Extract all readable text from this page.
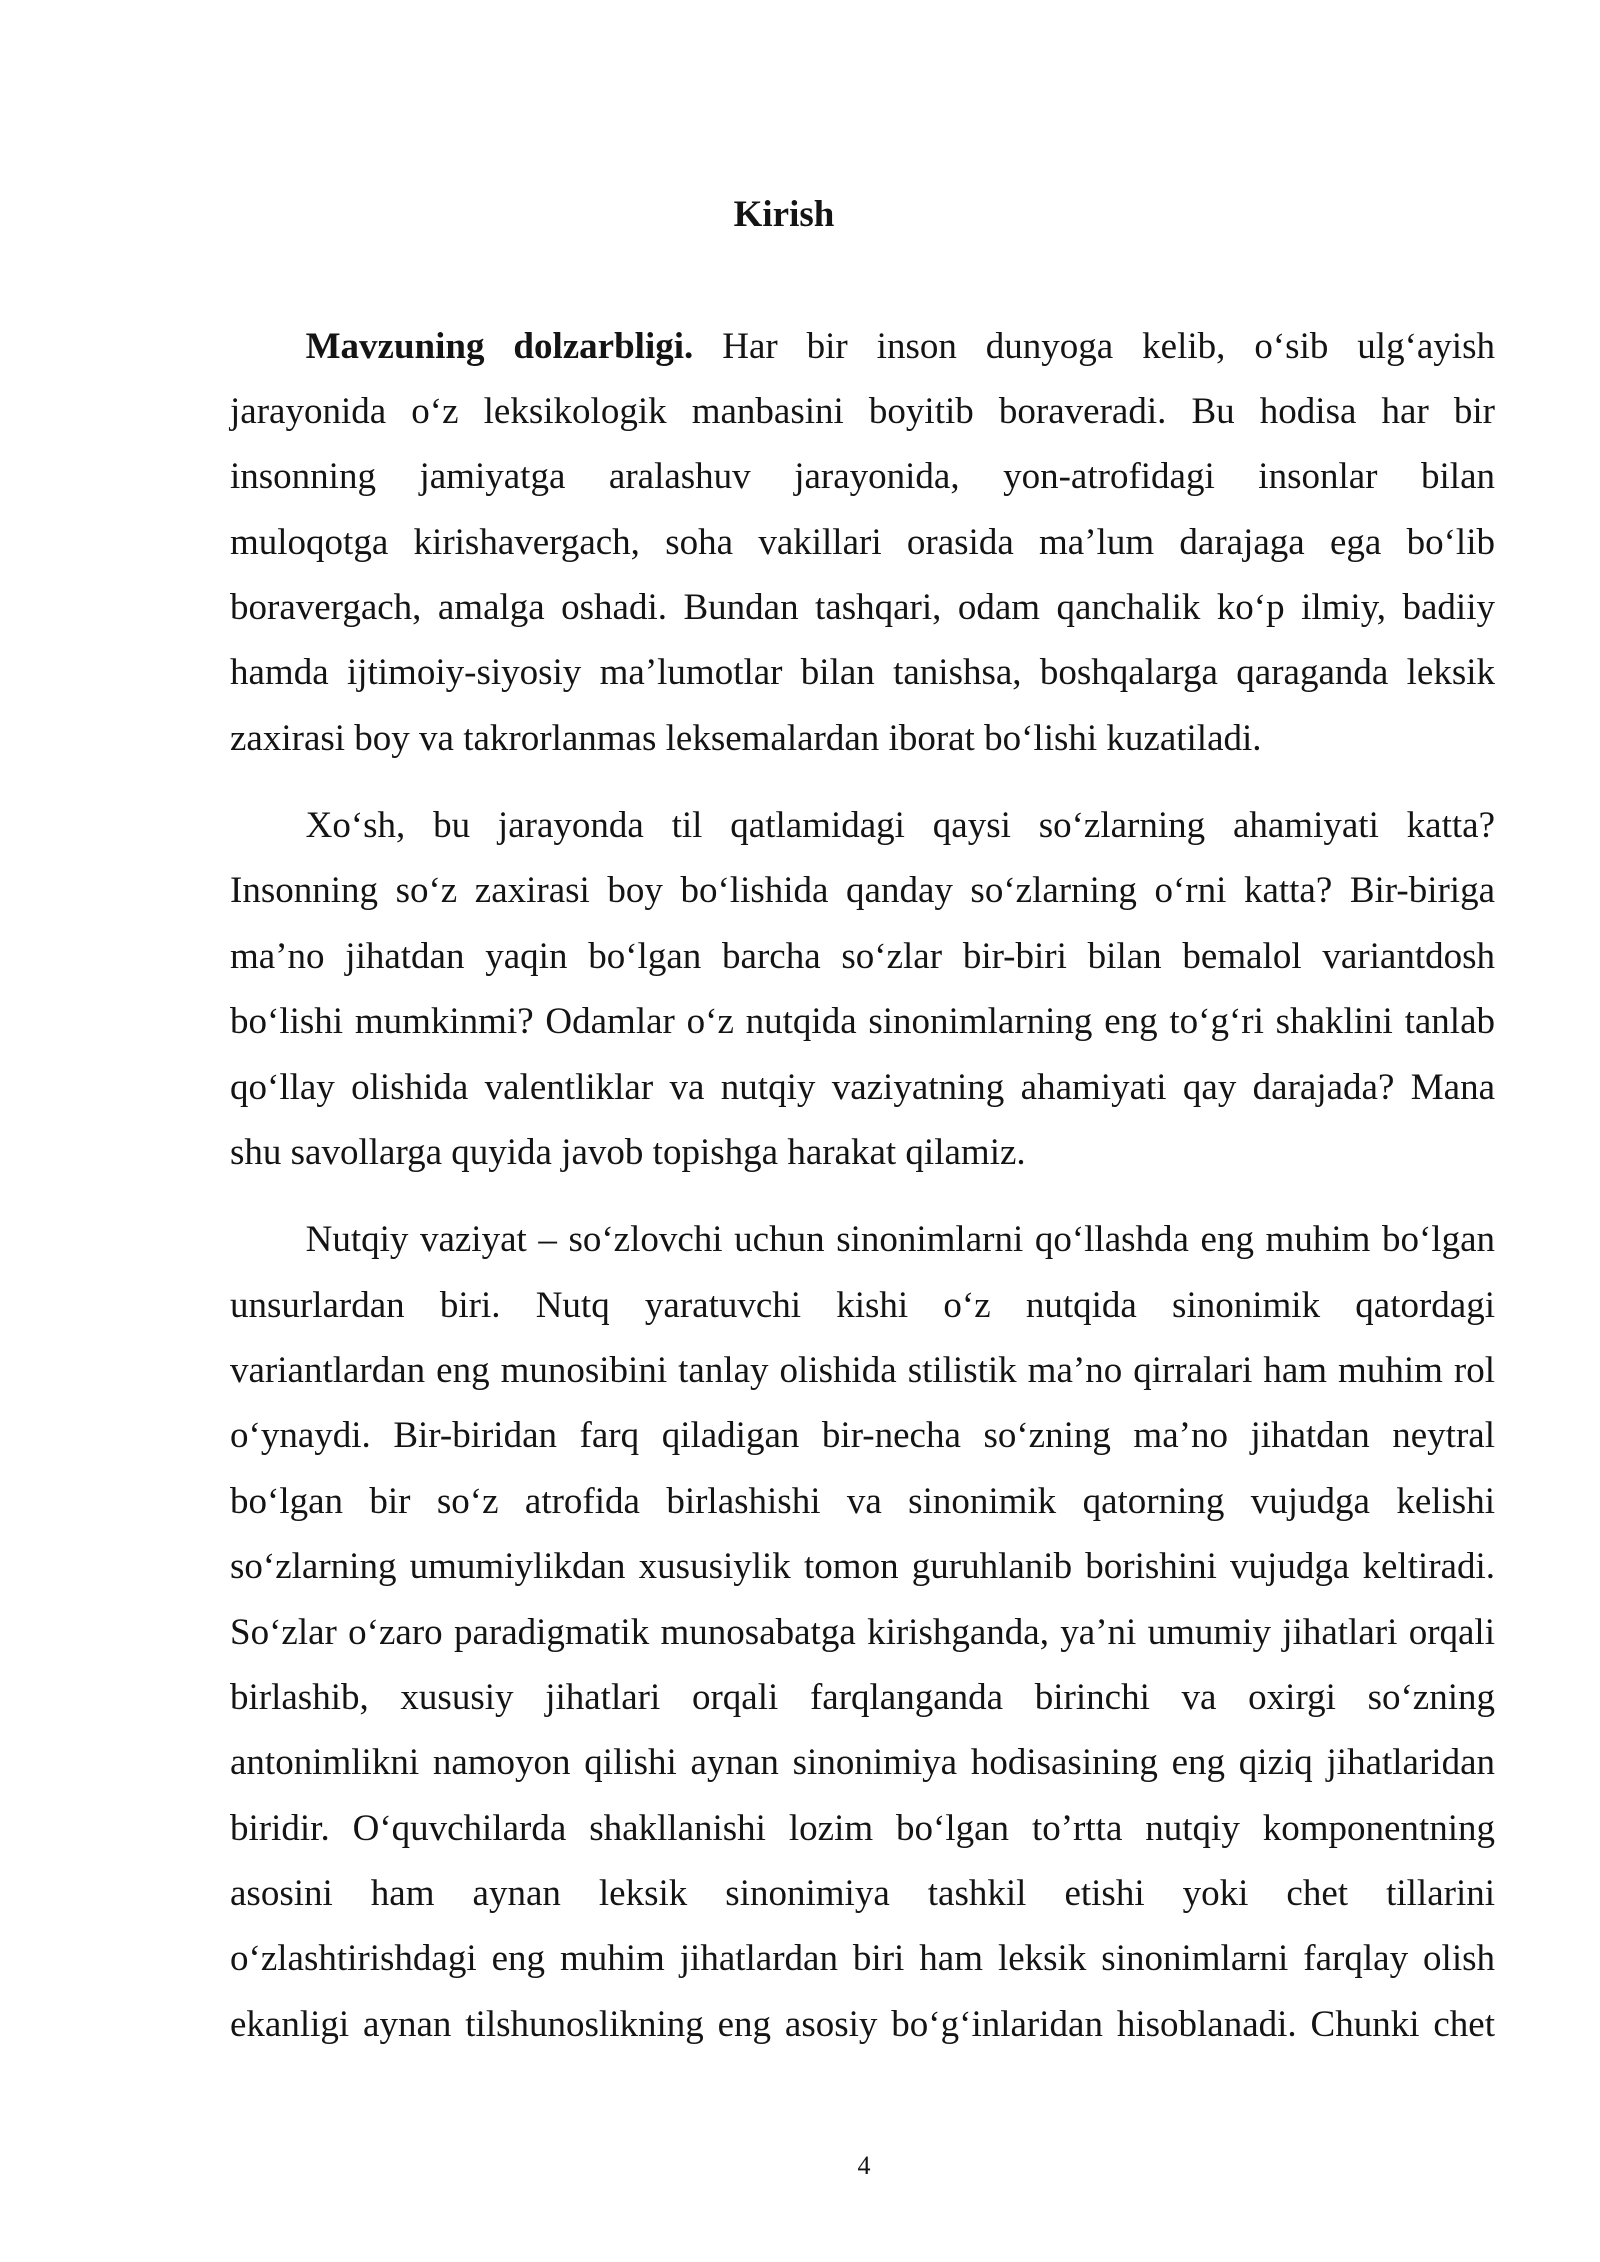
Kirish
Mavzuning dolzarbligi. Har bir inson dunyoga kelib, o‘sib ulg‘ayish
jarayonida o‘z leksikologik manbasini boyitib boraveradi. Bu hodisa har bir
insonning jamiyatga aralashuv jarayonida, yon-atrofidagi insonlar bilan
muloqotga kirishavergach, soha vakillari orasida ma’lum darajaga ega bo‘lib
boravergach, amalga oshadi. Bundan tashqari, odam qanchalik ko‘p ilmiy, badiiy
hamda ijtimoiy-siyosiy ma’lumotlar bilan tanishsa, boshqalarga qaraganda leksik
zaxirasi boy va takrorlanmas leksemalardan iborat bo‘lishi kuzatiladi.
Xo‘sh, bu jarayonda til qatlamidagi qaysi so‘zlarning ahamiyati katta?
Insonning so‘z zaxirasi boy bo‘lishida qanday so‘zlarning o‘rni katta? Bir-biriga
ma’no jihatdan yaqin bo‘lgan barcha so‘zlar bir-biri bilan bemalol variantdosh
bo‘lishi mumkinmi? Odamlar o‘z nutqida sinonimlarning eng to‘g‘ri shaklini tanlab
qo‘llay olishida valentliklar va nutqiy vaziyatning ahamiyati qay darajada? Mana
shu savollarga quyida javob topishga harakat qilamiz.
Nutqiy vaziyat – so‘zlovchi uchun sinonimlarni qo‘llashda eng muhim bo‘lgan
unsurlardan biri. Nutq yaratuvchi kishi o‘z nutqida sinonimik qatordagi
variantlardan eng munosibini tanlay olishida stilistik ma’no qirralari ham muhim rol
o‘ynaydi. Bir-biridan farq qiladigan bir-necha so‘zning ma’no jihatdan neytral
bo‘lgan bir so‘z atrofida birlashishi va sinonimik qatorning vujudga kelishi
so‘zlarning umumiylikdan xususiylik tomon guruhlanib borishini vujudga keltiradi.
So‘zlar o‘zaro paradigmatik munosabatga kirishganda, ya’ni umumiy jihatlari orqali
birlashib, xususiy jihatlari orqali farqlanganda birinchi va oxirgi so‘zning
antonimlikni namoyon qilishi aynan sinonimiya hodisasining eng qiziq jihatlaridan
biridir. O‘quvchilarda shakllanishi lozim bo‘lgan to’rtta nutqiy komponentning
asosini ham aynan leksik sinonimiya tashkil etishi yoki chet tillarini
o‘zlashtirishdagi eng muhim jihatlardan biri ham leksik sinonimlarni farqlay olish
ekanligi aynan tilshunoslikning eng asosiy bo‘g‘inlaridan hisoblanadi. Chunki chet
4
